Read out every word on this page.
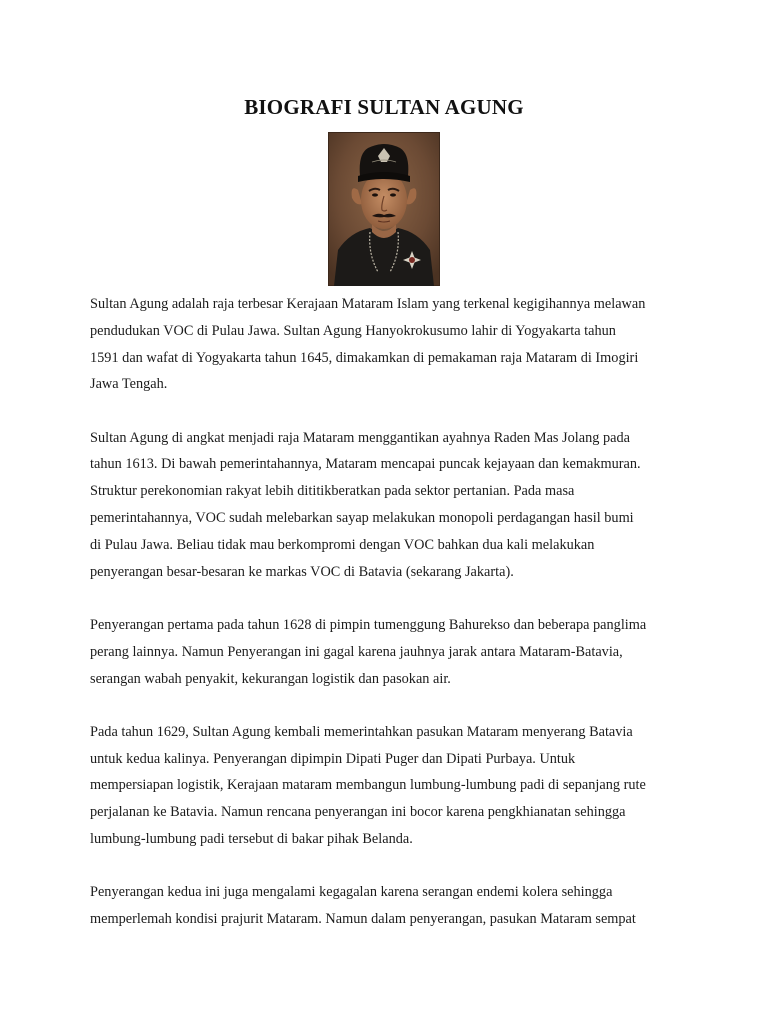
BIOGRAFI SULTAN AGUNG

Sultan Agung adalah raja terbesar Kerajaan Mataram Islam yang terkenal kegigihannya melawan
pendudukan VOC di Pulau Jawa. Sultan Agung Hanyokrokusumo lahir di Yogyakarta tahun
1591 dan wafat di Yogyakarta tahun 1645, dimakamkan di pemakaman raja Mataram di Imogiri
Jawa Tengah.

Sultan Agung di angkat menjadi raja Mataram menggantikan ayahnya Raden Mas Jolang pada
tahun 1613. Di bawah pemerintahannya, Mataram mencapai puncak kejayaan dan kemakmuran.
Struktur perekonomian rakyat lebih dititikberatkan pada sektor pertanian. Pada masa
pemerintahannya, VOC sudah melebarkan sayap melakukan monopoli perdagangan hasil bumi
di Pulau Jawa. Beliau tidak mau berkompromi dengan VOC bahkan dua kali melakukan
penyerangan besar-besaran ke markas VOC di Batavia (sekarang Jakarta).

Penyerangan pertama pada tahun 1628 di pimpin tumenggung Bahurekso dan beberapa panglima
perang lainnya. Namun Penyerangan ini gagal karena jauhnya jarak antara Mataram-Batavia,
serangan wabah penyakit, kekurangan logistik dan pasokan air.

Pada tahun 1629, Sultan Agung kembali memerintahkan pasukan Mataram menyerang Batavia
untuk kedua kalinya. Penyerangan dipimpin Dipati Puger dan Dipati Purbaya. Untuk
mempersiapan logistik, Kerajaan mataram membangun lumbung-lumbung padi di sepanjang rute
perjalanan ke Batavia. Namun rencana penyerangan ini bocor karena pengkhianatan sehingga
lumbung-lumbung padi tersebut di bakar pihak Belanda.

Penyerangan kedua ini juga mengalami kegagalan karena serangan endemi kolera sehingga
memperlemah kondisi prajurit Mataram. Namun dalam penyerangan, pasukan Mataram sempat
